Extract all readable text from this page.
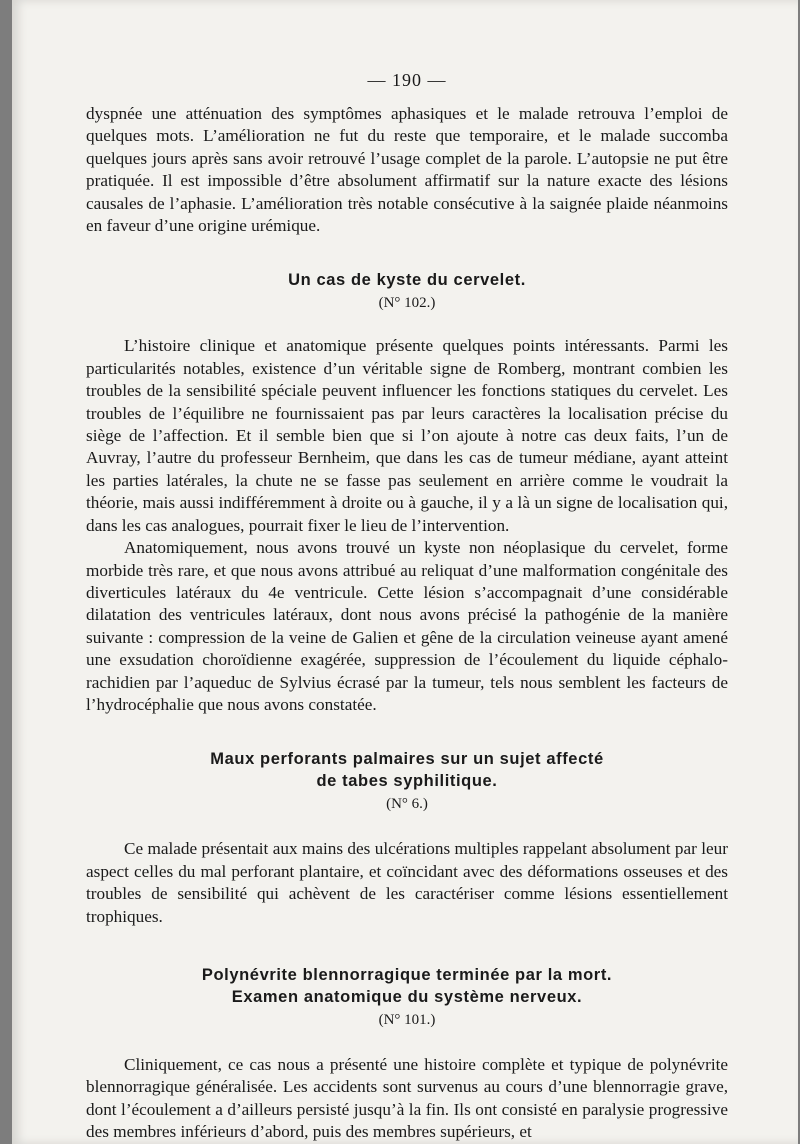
— 190 —

dyspnée une atténuation des symptômes aphasiques et le malade retrouva l’emploi de quelques mots. L’amélioration ne fut du reste que temporaire, et le malade succomba quelques jours après sans avoir retrouvé l’usage complet de la parole. L’autopsie ne put être pratiquée. Il est impossible d’être absolument affirmatif sur la nature exacte des lésions causales de l’aphasie. L’amélioration très notable consécutive à la saignée plaide néanmoins en faveur d’une origine urémique.

Un cas de kyste du cervelet.
(N° 102.)

L’histoire clinique et anatomique présente quelques points intéressants. Parmi les particularités notables, existence d’un véritable signe de Romberg, montrant combien les troubles de la sensibilité spéciale peuvent influencer les fonctions statiques du cervelet. Les troubles de l’équilibre ne fournissaient pas par leurs caractères la localisation précise du siège de l’affection. Et il semble bien que si l’on ajoute à notre cas deux faits, l’un de Auvray, l’autre du professeur Bernheim, que dans les cas de tumeur médiane, ayant atteint les parties latérales, la chute ne se fasse pas seulement en arrière comme le voudrait la théorie, mais aussi indifféremment à droite ou à gauche, il y a là un signe de localisation qui, dans les cas analogues, pourrait fixer le lieu de l’intervention.

Anatomiquement, nous avons trouvé un kyste non néoplasique du cervelet, forme morbide très rare, et que nous avons attribué au reliquat d’une malformation congénitale des diverticules latéraux du 4e ventricule. Cette lésion s’accompagnait d’une considérable dilatation des ventricules latéraux, dont nous avons précisé la pathogénie de la manière suivante : compression de la veine de Galien et gêne de la circulation veineuse ayant amené une exsudation choroïdienne exagérée, suppression de l’écoulement du liquide céphalo-rachidien par l’aqueduc de Sylvius écrasé par la tumeur, tels nous semblent les facteurs de l’hydrocéphalie que nous avons constatée.

Maux perforants palmaires sur un sujet affecté
de tabes syphilitique.
(N° 6.)

Ce malade présentait aux mains des ulcérations multiples rappelant absolument par leur aspect celles du mal perforant plantaire, et coïncidant avec des déformations osseuses et des troubles de sensibilité qui achèvent de les caractériser comme lésions essentiellement trophiques.

Polynévrite blennorragique terminée par la mort.
Examen anatomique du système nerveux.
(N° 101.)

Cliniquement, ce cas nous a présenté une histoire complète et typique de polynévrite blennorragique généralisée. Les accidents sont survenus au cours d’une blennorragie grave, dont l’écoulement a d’ailleurs persisté jusqu’à la fin. Ils ont consisté en paralysie progressive des membres inférieurs d’abord, puis des membres supérieurs, et
